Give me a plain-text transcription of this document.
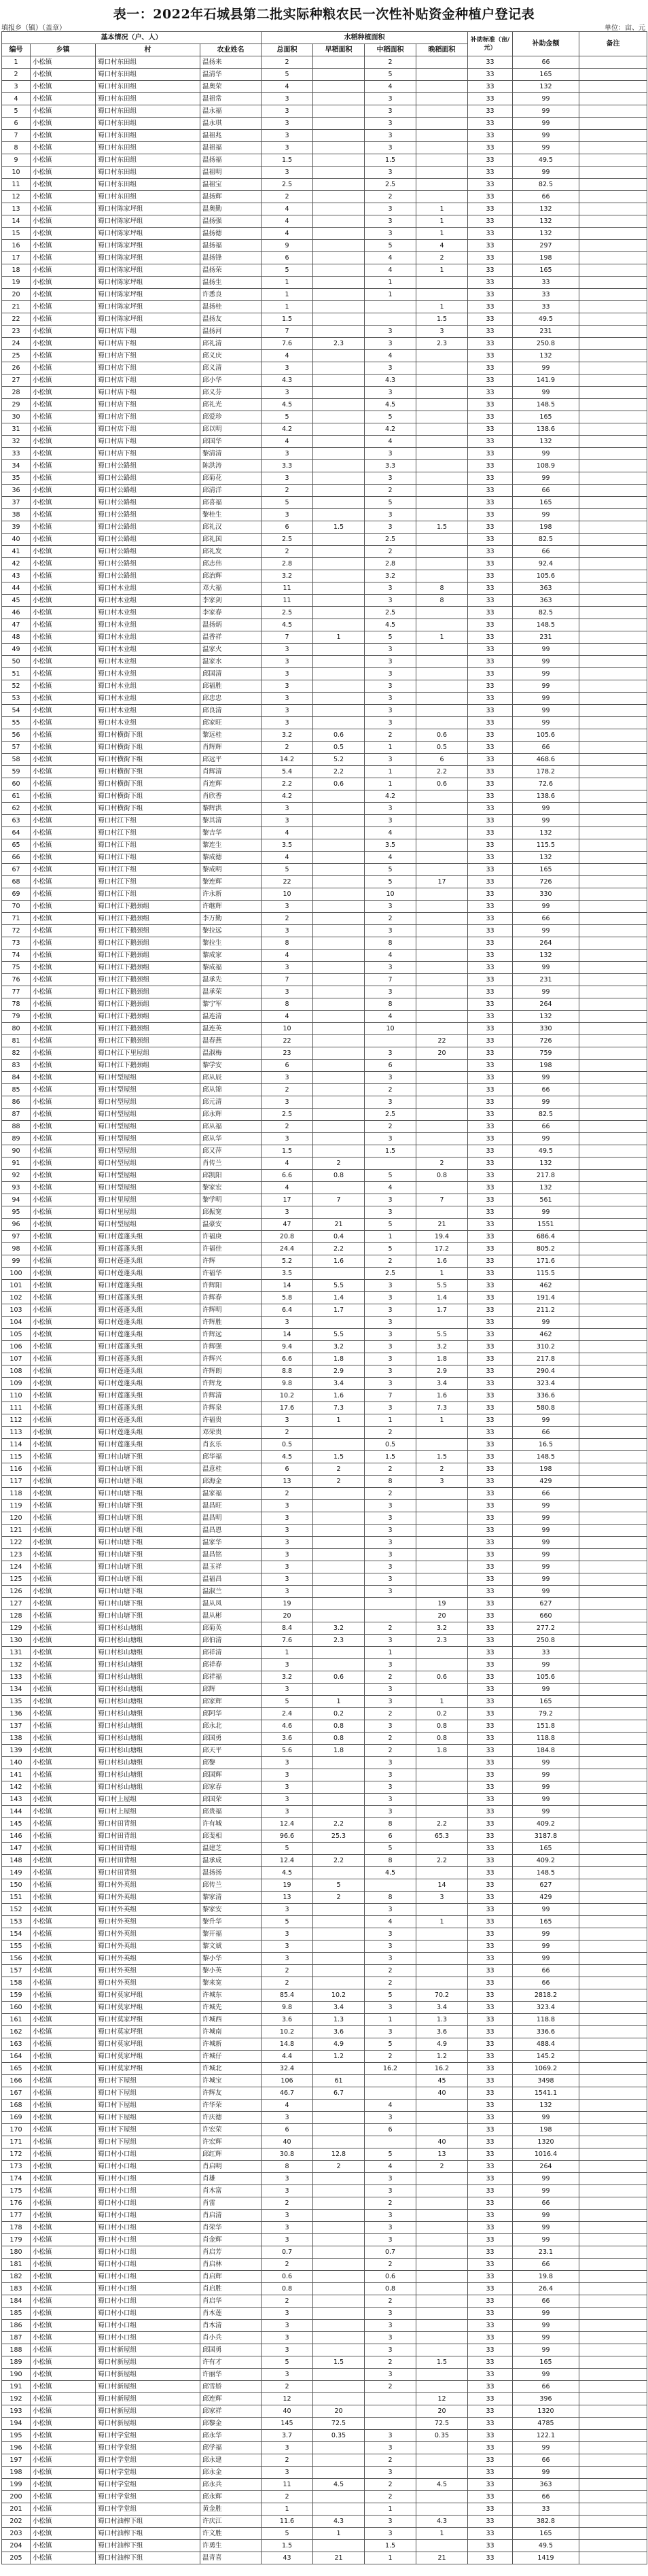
表一：2022年石城县第二批实际种粮农民一次性补贴资金种植户登记表
填报乡（镇）（盖章）	单位：亩、元
基本情况（户、人）				水稻种植面积				补助标准（亩/元）	补助金额	备注
编号	乡镇	村	农业姓名	总面积	早稻面积	中稻面积	晚稻面积			
1	小松镇	蜀口村东田组	温扬来	2		2		33	66	
2	小松镇	蜀口村东田组	温清华	5		5		33	165	
3	小松镇	蜀口村东田组	温奥荣	4		4		33	132	
4	小松镇	蜀口村东田组	温祖常	3		3		33	99	
5	小松镇	蜀口村东田组	温永福	3		3		33	99	
6	小松镇	蜀口村东田组	温永琪	3		3		33	99	
7	小松镇	蜀口村东田组	温祖兆	3		3		33	99	
8	小松镇	蜀口村东田组	温祖福	3		3		33	99	
9	小松镇	蜀口村东田组	温扬福	1.5		1.5		33	49.5	
10	小松镇	蜀口村东田组	温祖明	3		3		33	99	
11	小松镇	蜀口村东田组	温祖宝	2.5		2.5		33	82.5	
12	小松镇	蜀口村东田组	温扬辉	2		2		33	66	
13	小松镇	蜀口村陈家坪组	温奥勤	4		3	1	33	132	
14	小松镇	蜀口村陈家坪组	温扬强	4		3	1	33	132	
15	小松镇	蜀口村陈家坪组	温扬德	4		3	1	33	132	
16	小松镇	蜀口村陈家坪组	温扬福	9		5	4	33	297	
17	小松镇	蜀口村陈家坪组	温扬锋	6		4	2	33	198	
18	小松镇	蜀口村陈家坪组	温扬荣	5		4	1	33	165	
19	小松镇	蜀口村陈家坪组	温扬生	1		1		33	33	
20	小松镇	蜀口村陈家坪组	许悉良	1		1		33	33	
21	小松镇	蜀口村陈家坪组	温扬桂	1			1	33	33	
22	小松镇	蜀口村陈家坪组	温扬友	1.5			1.5	33	49.5	
23	小松镇	蜀口村店下组	温扬河	7		3	3	33	231	
24	小松镇	蜀口村店下组	邱礼清	7.6	2.3	3	2.3	33	250.8	
25	小松镇	蜀口村店下组	邱义庆	4		4		33	132	
26	小松镇	蜀口村店下组	邱义清	3		3		33	99	
27	小松镇	蜀口村店下组	邱小华	4.3		4.3		33	141.9	
28	小松镇	蜀口村店下组	邱义芬	3		3		33	99	
29	小松镇	蜀口村店下组	邱礼光	4.5		4.5		33	148.5	
30	小松镇	蜀口村店下组	邱爱珍	5		5		33	165	
31	小松镇	蜀口村店下组	邱以明	4.2		4.2		33	138.6	
32	小松镇	蜀口村店下组	邱国华	4		4		33	132	
33	小松镇	蜀口村店下组	黎清清	3		3		33	99	
34	小松镇	蜀口村公路组	陈洪涛	3.3		3.3		33	108.9	
35	小松镇	蜀口村公路组	邱菊花	3		3		33	99	
36	小松镇	蜀口村公路组	邱清洋	2		2		33	66	
37	小松镇	蜀口村公路组	邱喜福	5		5		33	165	
38	小松镇	蜀口村公路组	黎桂生	3		3		33	99	
39	小松镇	蜀口村公路组	邱礼汉	6	1.5	3	1.5	33	198	
40	小松镇	蜀口村公路组	邱礼国	2.5		2.5		33	82.5	
41	小松镇	蜀口村公路组	邱礼发	2		2		33	66	
42	小松镇	蜀口村公路组	邱志伟	2.8		2.8		33	92.4	
43	小松镇	蜀口村公路组	邱治辉	3.2		3.2		33	105.6	
44	小松镇	蜀口村木业组	邓大福	11		3	8	33	363	
45	小松镇	蜀口村木业组	李家剑	11		3	8	33	363	
46	小松镇	蜀口村木业组	李家春	2.5		2.5		33	82.5	
47	小松镇	蜀口村木业组	温扬炳	4.5		4.5		33	148.5	
48	小松镇	蜀口村木业组	温香祥	7	1	5	1	33	231	
49	小松镇	蜀口村木业组	温家火	3		3		33	99	
50	小松镇	蜀口村木业组	温家水	3		3		33	99	
51	小松镇	蜀口村木业组	邱国清	3		3		33	99	
52	小松镇	蜀口村木业组	邱福胜	3		3		33	99	
53	小松镇	蜀口村木业组	邱忠忠	3		3		33	99	
54	小松镇	蜀口村木业组	邱良清	3		3		33	99	
55	小松镇	蜀口村木业组	邱家旺	3		3		33	99	
56	小松镇	蜀口村横街下组	黎远桂	3.2	0.6	2	0.6	33	105.6	
57	小松镇	蜀口村横街下组	肖辉辉	2	0.5	1	0.5	33	66	
58	小松镇	蜀口村横街下组	邱远平	14.2	5.2	3	6	33	468.6	
59	小松镇	蜀口村横街下组	肖辉清	5.4	2.2	1	2.2	33	178.2	
60	小松镇	蜀口村横街下组	肖连辉	2.2	0.6	1	0.6	33	72.6	
61	小松镇	蜀口村横街下组	肖欣香	4.2		4.2		33	138.6	
62	小松镇	蜀口村横街下组	黎辉洪	3		3		33	99	
63	小松镇	蜀口村江下组	黎其清	3		3		33	99	
64	小松镇	蜀口村江下组	黎吉华	4		4		33	132	
65	小松镇	蜀口村江下组	黎连生	3.5		3.5		33	115.5	
66	小松镇	蜀口村江下组	黎成德	4		4		33	132	
67	小松镇	蜀口村江下组	黎成明	5		5		33	165	
68	小松镇	蜀口村江下组	黎连辉	22		5	17	33	726	
69	小松镇	蜀口村江下组	许永新	10		10		33	330	
70	小松镇	蜀口村江下鹅颈组	许继辉	3		3		33	99	
71	小松镇	蜀口村江下鹅颈组	李万勤	2		2		33	66	
72	小松镇	蜀口村江下鹅颈组	黎拉远	3		3		33	99	
73	小松镇	蜀口村江下鹅颈组	黎拉生	8		8		33	264	
74	小松镇	蜀口村江下鹅颈组	黎成家	4		4		33	132	
75	小松镇	蜀口村江下鹅颈组	黎成福	3		3		33	99	
76	小松镇	蜀口村江下鹅颈组	温承先	7		7		33	231	
77	小松镇	蜀口村江下鹅颈组	温承荣	3		3		33	99	
78	小松镇	蜀口村江下鹅颈组	黎宁军	8		8		33	264	
79	小松镇	蜀口村江下鹅颈组	温连清	4		4		33	132	
80	小松镇	蜀口村江下鹅颈组	温连英	10		10		33	330	
81	小松镇	蜀口村江下鹅颈组	温春燕	22			22	33	726	
82	小松镇	蜀口村江下里屋组	温淑梅	23		3	20	33	759	
83	小松镇	蜀口村江下鹅颈组	黎学安	6		6		33	198	
84	小松镇	蜀口村型屋组	邱从辰	3		3		33	99	
85	小松镇	蜀口村型屋组	邱从锦	2		2		33	66	
86	小松镇	蜀口村型屋组	邱元清	3		3		33	99	
87	小松镇	蜀口村型屋组	邱永辉	2.5		2.5		33	82.5	
88	小松镇	蜀口村型屋组	邱从福	2		2		33	66	
89	小松镇	蜀口村型屋组	邱从华	3		3		33	99	
90	小松镇	蜀口村型屋组	邱又萍	1.5		1.5		33	49.5	
91	小松镇	蜀口村型屋组	肖传兰	4	2		2	33	132	
92	小松镇	蜀口村型屋组	邱凯阳	6.6	0.8	5	0.8	33	217.8	
93	小松镇	蜀口村型屋组	黎家宏	4		4		33	132	
94	小松镇	蜀口村里屋组	黎学明	17	7	3	7	33	561	
95	小松镇	蜀口村里屋组	邱振宽	3		3		33	99	
96	小松镇	蜀口村型屋组	温豪安	47	21	5	21	33	1551	
97	小松镇	蜀口村莲蓬头组	许福庚	20.8	0.4	1	19.4	33	686.4	
98	小松镇	蜀口村莲蓬头组	许福佳	24.4	2.2	5	17.2	33	805.2	
99	小松镇	蜀口村莲蓬头组	许辉	5.2	1.6	2	1.6	33	171.6	
100	小松镇	蜀口村莲蓬头组	许福华	3.5		2.5	1	33	115.5	
101	小松镇	蜀口村莲蓬头组	许辉阳	14	5.5	3	5.5	33	462	
102	小松镇	蜀口村莲蓬头组	许辉春	5.8	1.4	3	1.4	33	191.4	
103	小松镇	蜀口村莲蓬头组	许辉明	6.4	1.7	3	1.7	33	211.2	
104	小松镇	蜀口村莲蓬头组	许辉胜	3		3		33	99	
105	小松镇	蜀口村莲蓬头组	许辉远	14	5.5	3	5.5	33	462	
106	小松镇	蜀口村莲蓬头组	许辉强	9.4	3.2	3	3.2	33	310.2	
107	小松镇	蜀口村莲蓬头组	许辉兴	6.6	1.8	3	1.8	33	217.8	
108	小松镇	蜀口村莲蓬头组	许辉朗	8.8	2.9	3	2.9	33	290.4	
109	小松镇	蜀口村莲蓬头组	许辉龙	9.8	3.4	3	3.4	33	323.4	
110	小松镇	蜀口村莲蓬头组	许辉清	10.2	1.6	7	1.6	33	336.6	
111	小松镇	蜀口村莲蓬头组	许辉泉	17.6	7.3	3	7.3	33	580.8	
112	小松镇	蜀口村莲蓬头组	许福贵	3	1	1	1	33	99	
113	小松镇	蜀口村莲蓬头组	邓荣贵	2		2		33	66	
114	小松镇	蜀口村莲蓬头组	肖玄乐	0.5		0.5		33	16.5	
115	小松镇	蜀口村山塘下组	邱华福	4.5	1.5	1.5	1.5	33	148.5	
116	小松镇	蜀口村山塘下组	温意桂	6	2	2	2	33	198	
117	小松镇	蜀口村山塘下组	邱海金	13	2	8	3	33	429	
118	小松镇	蜀口村山塘下组	温家福	2		2		33	66	
119	小松镇	蜀口村山塘下组	温昌旺	3		3		33	99	
120	小松镇	蜀口村山塘下组	温昌明	3		3		33	99	
121	小松镇	蜀口村山塘下组	温昌恩	3		3		33	99	
122	小松镇	蜀口村山塘下组	温家华	3		3		33	99	
123	小松镇	蜀口村山塘下组	温昌铭	3		3		33	99	
124	小松镇	蜀口村山塘下组	温玉祥	3		3		33	99	
125	小松镇	蜀口村山塘下组	温福昌	3		3		33	99	
126	小松镇	蜀口村山塘下组	温淑兰	3		3		33	99	
127	小松镇	蜀口村山塘下组	温从凤	19			19	33	627	
128	小松镇	蜀口村山塘下组	温从彬	20			20	33	660	
129	小松镇	蜀口村杉山塘组	邱菊英	8.4	3.2	2	3.2	33	277.2	
130	小松镇	蜀口村杉山塘组	邱伯清	7.6	2.3	3	2.3	33	250.8	
131	小松镇	蜀口村杉山塘组	邱祥清	1		1		33	33	
132	小松镇	蜀口村杉山塘组	邱祥春	3		3		33	99	
133	小松镇	蜀口村杉山塘组	邱祥福	3.2	0.6	2	0.6	33	105.6	
134	小松镇	蜀口村杉山塘组	邱辉	3		3		33	99	
135	小松镇	蜀口村杉山塘组	邱家辉	5	1	3	1	33	165	
136	小松镇	蜀口村杉山塘组	邱阿华	2.4	0.2	2	0.2	33	79.2	
137	小松镇	蜀口村杉山塘组	邱永北	4.6	0.8	3	0.8	33	151.8	
138	小松镇	蜀口村杉山塘组	邱国勇	3.6	0.8	2	0.8	33	118.8	
139	小松镇	蜀口村杉山塘组	邱天平	5.6	1.8	2	1.8	33	184.8	
140	小松镇	蜀口村杉山塘组	邱黎	3		3		33	99	
141	小松镇	蜀口村杉山塘组	邱国辉	3		3		33	99	
142	小松镇	蜀口村杉山塘组	邱家春	3		3		33	99	
143	小松镇	蜀口村上屋组	邱国荣	3		3		33	99	
144	小松镇	蜀口村上屋组	邱贵福	3		3		33	99	
145	小松镇	蜀口村田背组	许有城	12.4	2.2	8	2.2	33	409.2	
146	小松镇	蜀口村田背组	邱斐相	96.6	25.3	6	65.3	33	3187.8	
147	小松镇	蜀口村田背组	温建芝	5		5		33	165	
148	小松镇	蜀口村田背组	温承成	12.4	2.2	8	2.2	33	409.2	
149	小松镇	蜀口村田背组	温扬扬	4.5		4.5		33	148.5	
150	小松镇	蜀口村外英组	邱传兰	19	5		14	33	627	
151	小松镇	蜀口村外英组	黎家清	13	2	8	3	33	429	
152	小松镇	蜀口村外英组	黎家安	3		3		33	99	
153	小松镇	蜀口村外英组	黎升华	5		4	1	33	165	
154	小松镇	蜀口村外英组	黎开福	3		3		33	99	
155	小松镇	蜀口村外英组	黎文斌	3		3		33	99	
156	小松镇	蜀口村外英组	黎小华	3		3		33	99	
157	小松镇	蜀口村外英组	黎小英	2		2		33	66	
158	小松镇	蜀口村外英组	黎来宽	2		2		33	66	
159	小松镇	蜀口村莫家坪组	许城东	85.4	10.2	5	70.2	33	2818.2	
160	小松镇	蜀口村莫家坪组	许城先	9.8	3.4	3	3.4	33	323.4	
161	小松镇	蜀口村莫家坪组	许城西	3.6	1.3	1	1.3	33	118.8	
162	小松镇	蜀口村莫家坪组	许城南	10.2	3.6	3	3.6	33	336.6	
163	小松镇	蜀口村莫家坪组	许城新	14.8	4.9	5	4.9	33	488.4	
164	小松镇	蜀口村莫家坪组	许城仔	4.4	1.2	2	1.2	33	145.2	
165	小松镇	蜀口村莫家坪组	许城北	32.4		16.2	16.2	33	1069.2	
166	小松镇	蜀口村下屋组	许城宝	106	61		45	33	3498	
167	小松镇	蜀口村下屋组	许辉友	46.7	6.7		40	33	1541.1	
168	小松镇	蜀口村下屋组	许华荣	4		4		33	132	
169	小松镇	蜀口村下屋组	许庆德	3		3		33	99	
170	小松镇	蜀口村下屋组	许宏荣	6		6		33	198	
171	小松镇	蜀口村下屋组	许宏辉	40			40	33	1320	
172	小松镇	蜀口村小口组	邱红辉	30.8	12.8	5	13	33	1016.4	
173	小松镇	蜀口村小口组	肖启明	8	2	4	2	33	264	
174	小松镇	蜀口村小口组	肖雄	3		3		33	99	
175	小松镇	蜀口村小口组	肖木富	3		3		33	99	
176	小松镇	蜀口村小口组	肖雷	2		2		33	66	
177	小松镇	蜀口村小口组	肖启清	3		3		33	99	
178	小松镇	蜀口村小口组	肖荣华	3		3		33	99	
179	小松镇	蜀口村小口组	肖金辉	3		3		33	99	
180	小松镇	蜀口村小口组	肖启芳	0.7		0.7		33	23.1	
181	小松镇	蜀口村小口组	肖启林	2		2		33	66	
182	小松镇	蜀口村小口组	肖启辉	0.6		0.6		33	19.8	
183	小松镇	蜀口村小口组	肖启胜	0.8		0.8		33	26.4	
184	小松镇	蜀口村小口组	肖启华	2		2		33	66	
185	小松镇	蜀口村小口组	肖木莲	3		3		33	99	
186	小松镇	蜀口村小口组	肖木清	3		3		33	99	
187	小松镇	蜀口村小口组	肖小兵	3		3		33	99	
188	小松镇	蜀口村新屋组	邱国勇	3		3		33	99	
189	小松镇	蜀口村新屋组	许有才	5	1.5	2	1.5	33	165	
190	小松镇	蜀口村新屋组	许丽华	3		3		33	99	
191	小松镇	蜀口村新屋组	邱雪娇	2		2		33	66	
192	小松镇	蜀口村新屋组	邱连辉	12			12	33	396	
193	小松镇	蜀口村新屋组	邱家祥	40	20		20	33	1320	
194	小松镇	蜀口村新屋组	邱黎金	145	72.5		72.5	33	4785	
195	小松镇	蜀口村学堂组	邱永华	3.7	0.35	3	0.35	33	122.1	
196	小松镇	蜀口村学堂组	邱学福	3		3		33	99	
197	小松镇	蜀口村学堂组	邱永建	2		2		33	66	
198	小松镇	蜀口村学堂组	邱永金	3		3		33	99	
199	小松镇	蜀口村学堂组	邱永兵	11	4.5	2	4.5	33	363	
200	小松镇	蜀口村学堂组	邱永辉	2		2		33	66	
201	小松镇	蜀口村学堂组	黄金胜	1		1		33	33	
202	小松镇	蜀口村油榨下组	许庆江	11.6	4.3	3	4.3	33	382.8	
203	小松镇	蜀口村油榨下组	许文胜	5	1	3	1	33	165	
204	小松镇	蜀口村油榨下组	许勇生	1.5		1.5		33	49.5	
205	小松镇	蜀口村油榨下组	温青喜	43	21	1	21	33	1419	
